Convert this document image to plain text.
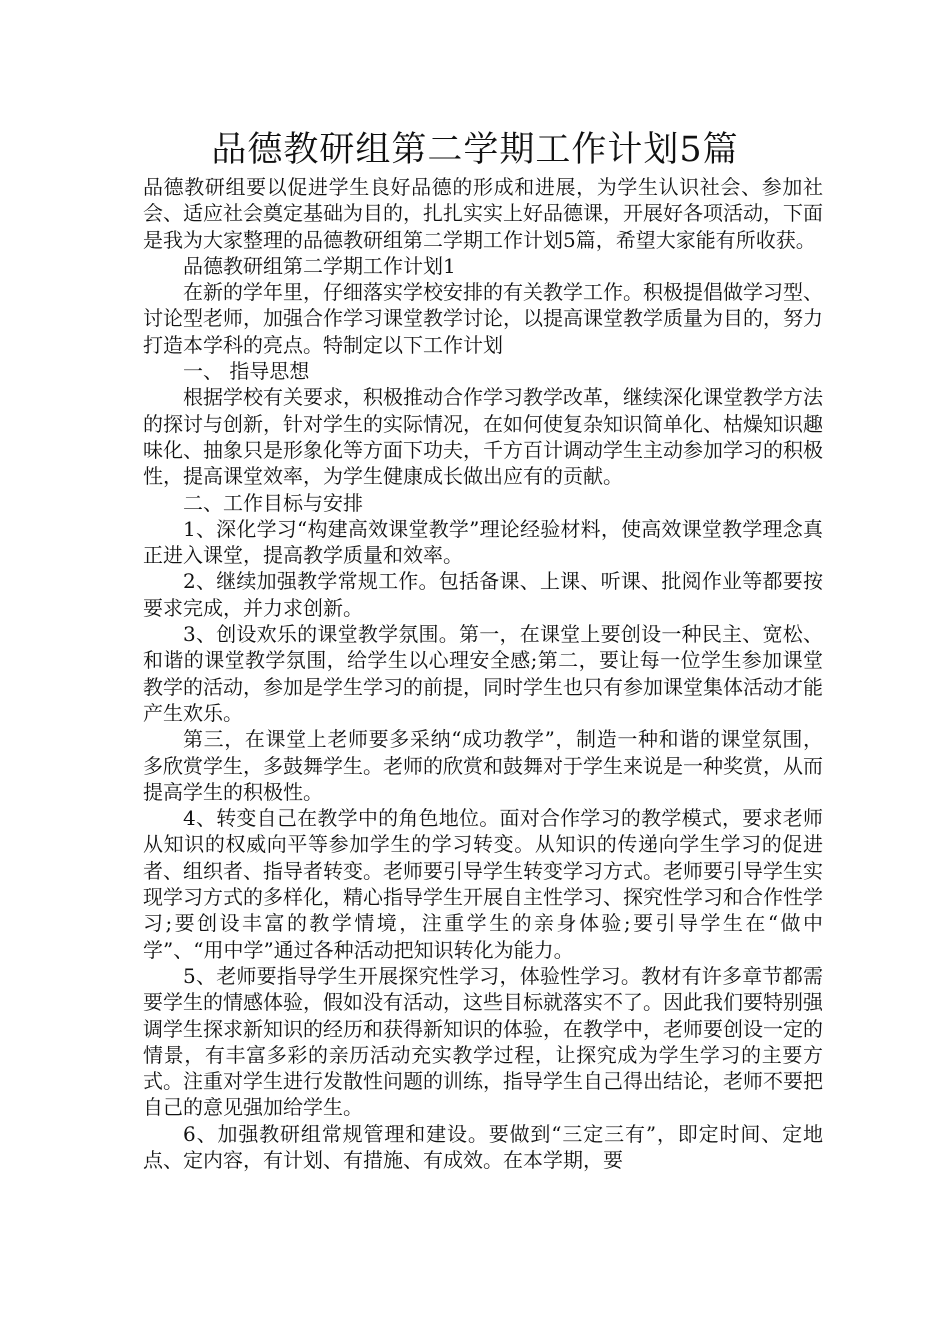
品德教研组第二学期工作计划5篇

品德教研组要以促进学生良好品德的形成和进展，为学生认识社会、参加社会、适应社会奠定基础为目的，扎扎实实上好品德课，开展好各项活动，下面是我为大家整理的品德教研组第二学期工作计划5篇，希望大家能有所收获。

品德教研组第二学期工作计划1

在新的学年里，仔细落实学校安排的有关教学工作。积极提倡做学习型、讨论型老师，加强合作学习课堂教学讨论，以提高课堂教学质量为目的，努力打造本学科的亮点。特制定以下工作计划

一、 指导思想

根据学校有关要求，积极推动合作学习教学改革，继续深化课堂教学方法的探讨与创新，针对学生的实际情况，在如何使复杂知识简单化、枯燥知识趣味化、抽象只是形象化等方面下功夫，千方百计调动学生主动参加学习的积极性，提高课堂效率，为学生健康成长做出应有的贡献。

二、工作目标与安排

1、深化学习“构建高效课堂教学”理论经验材料，使高效课堂教学理念真正进入课堂，提高教学质量和效率。

2、继续加强教学常规工作。包括备课、上课、听课、批阅作业等都要按要求完成，并力求创新。

3、创设欢乐的课堂教学氛围。第一，在课堂上要创设一种民主、宽松、和谐的课堂教学氛围，给学生以心理安全感;第二，要让每一位学生参加课堂教学的活动，参加是学生学习的前提，同时学生也只有参加课堂集体活动才能产生欢乐。

第三，在课堂上老师要多采纳“成功教学”，制造一种和谐的课堂氛围，多欣赏学生，多鼓舞学生。老师的欣赏和鼓舞对于学生来说是一种奖赏，从而提高学生的积极性。

4、转变自己在教学中的角色地位。面对合作学习的教学模式，要求老师从知识的权威向平等参加学生的学习转变。从知识的传递向学生学习的促进者、组织者、指导者转变。老师要引导学生转变学习方式。老师要引导学生实现学习方式的多样化，精心指导学生开展自主性学习、探究性学习和合作性学习;要创设丰富的教学情境，注重学生的亲身体验;要引导学生在“做中学”、“用中学”通过各种活动把知识转化为能力。

5、老师要指导学生开展探究性学习，体验性学习。教材有许多章节都需要学生的情感体验，假如没有活动，这些目标就落实不了。因此我们要特别强调学生探求新知识的经历和获得新知识的体验，在教学中，老师要创设一定的情景，有丰富多彩的亲历活动充实教学过程，让探究成为学生学习的主要方式。注重对学生进行发散性问题的训练，指导学生自己得出结论，老师不要把自己的意见强加给学生。

6、加强教研组常规管理和建设。要做到“三定三有”，即定时间、定地点、定内容，有计划、有措施、有成效。在本学期，要
